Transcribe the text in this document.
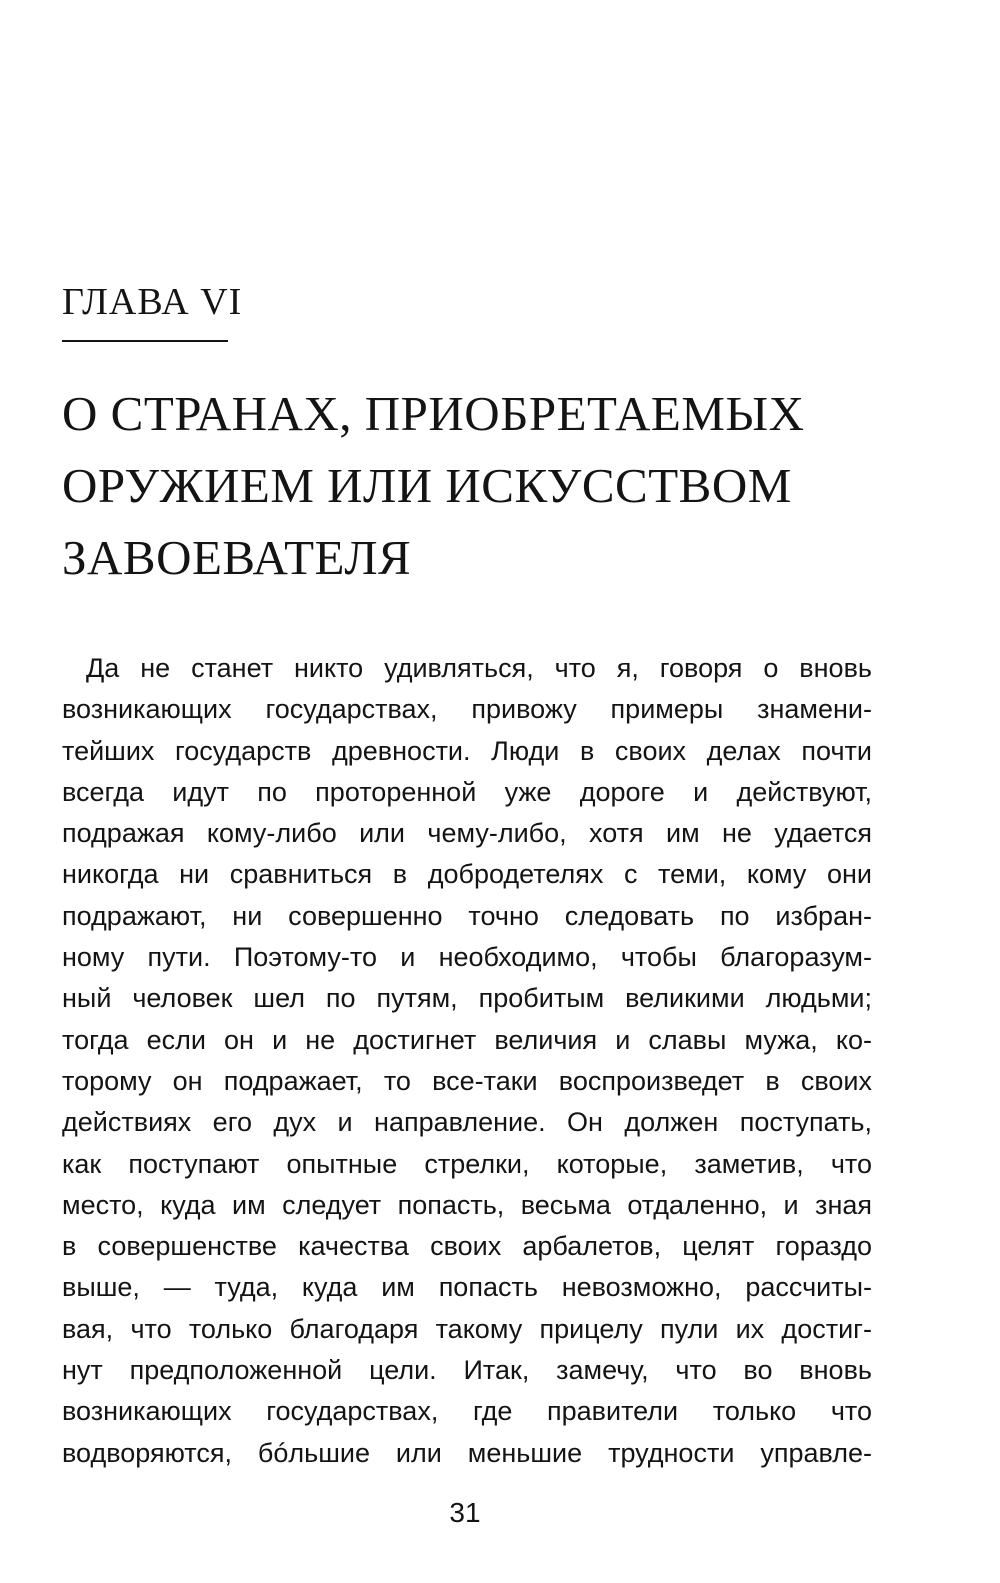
ГЛАВА VI
О СТРАНАХ, ПРИОБРЕТАЕМЫХ
ОРУЖИЕМ ИЛИ ИСКУССТВОМ
ЗАВОЕВАТЕЛЯ
Да не станет никто удивляться, что я, говоря о вновь
возникающих государствах, привожу примеры знамени-
тейших государств древности. Люди в своих делах почти
всегда идут по проторенной уже дороге и действуют,
подражая кому-либо или чему-либо, хотя им не удается
никогда ни сравниться в добродетелях с теми, кому они
подражают, ни совершенно точно следовать по избран-
ному пути. Поэтому-то и необходимо, чтобы благоразум-
ный человек шел по путям, пробитым великими людьми;
тогда если он и не достигнет величия и славы мужа, ко-
торому он подражает, то все-таки воспроизведет в своих
действиях его дух и направление. Он должен поступать,
как поступают опытные стрелки, которые, заметив, что
место, куда им следует попасть, весьма отдаленно, и зная
в совершенстве качества своих арбалетов, целят гораздо
выше, — туда, куда им попасть невозможно, рассчиты-
вая, что только благодаря такому прицелу пули их достиг-
нут предположенной цели. Итак, замечу, что во вновь
возникающих государствах, где правители только что
водворяются, бóльшие или меньшие трудности управле-
31
